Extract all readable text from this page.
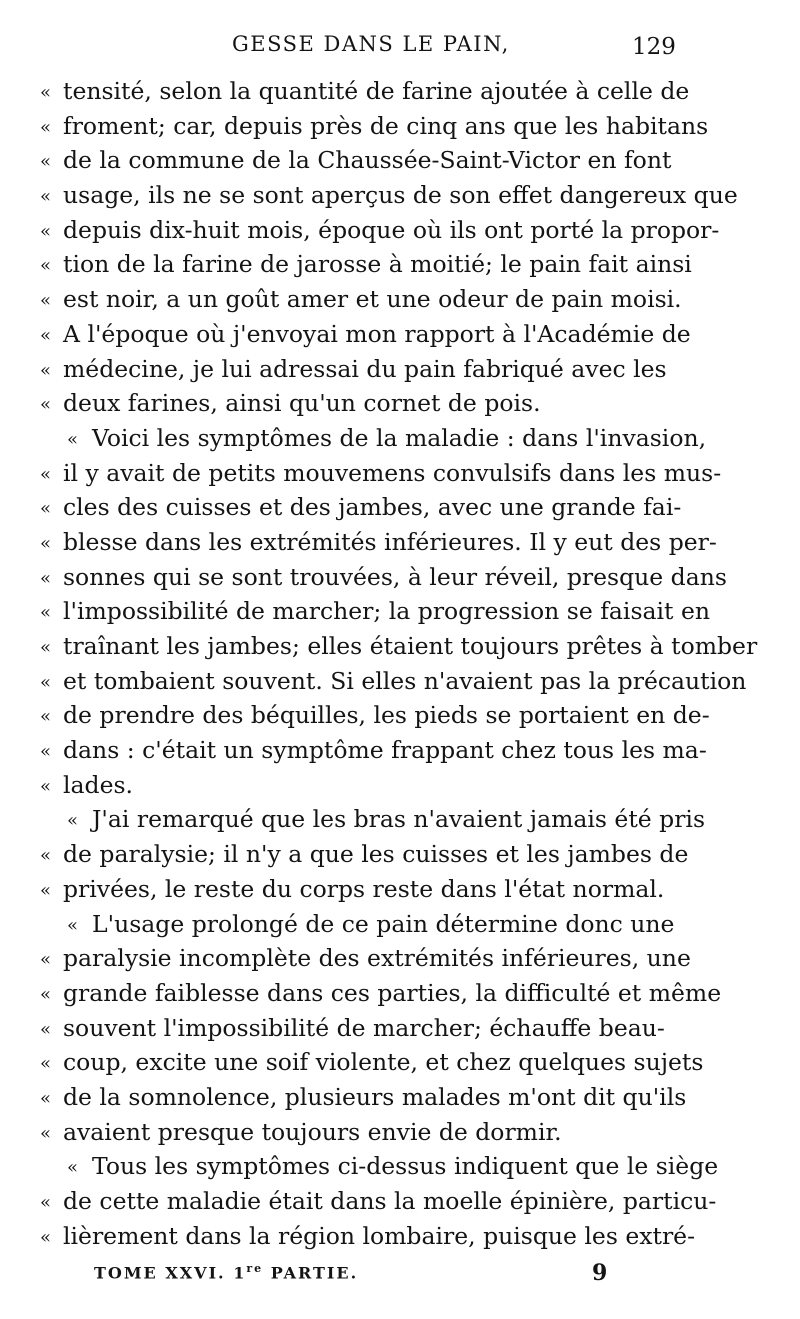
GESSE DANS LE PAIN,	129
« tensité, selon la quantité de farine ajoutée à celle de
« froment; car, depuis près de cinq ans que les habitans
« de la commune de la Chaussée-Saint-Victor en font
« usage, ils ne se sont aperçus de son effet dangereux que
« depuis dix-huit mois, époque où ils ont porté la propor-
« tion de la farine de jarosse à moitié; le pain fait ainsi
« est noir, a un goût amer et une odeur de pain moisi.
« A l'époque où j'envoyai mon rapport à l'Académie de
« médecine, je lui adressai du pain fabriqué avec les
« deux farines, ainsi qu'un cornet de pois.
« Voici les symptômes de la maladie : dans l'invasion,
« il y avait de petits mouvemens convulsifs dans les mus-
« cles des cuisses et des jambes, avec une grande fai-
« blesse dans les extrémités inférieures. Il y eut des per-
« sonnes qui se sont trouvées, à leur réveil, presque dans
« l'impossibilité de marcher; la progression se faisait en
« traînant les jambes; elles étaient toujours prêtes à tomber
« et tombaient souvent. Si elles n'avaient pas la précaution
« de prendre des béquilles, les pieds se portaient en de-
« dans : c'était un symptôme frappant chez tous les ma-
« lades.
« J'ai remarqué que les bras n'avaient jamais été pris
« de paralysie; il n'y a que les cuisses et les jambes de
« privées, le reste du corps reste dans l'état normal.
« L'usage prolongé de ce pain détermine donc une
« paralysie incomplète des extrémités inférieures, une
« grande faiblesse dans ces parties, la difficulté et même
« souvent l'impossibilité de marcher; échauffe beau-
« coup, excite une soif violente, et chez quelques sujets
« de la somnolence, plusieurs malades m'ont dit qu'ils
« avaient presque toujours envie de dormir.
« Tous les symptômes ci-dessus indiquent que le siège
« de cette maladie était dans la moelle épinière, particu-
« lièrement dans la région lombaire, puisque les extré-
TOME XXVI. 1re PARTIE.	9
